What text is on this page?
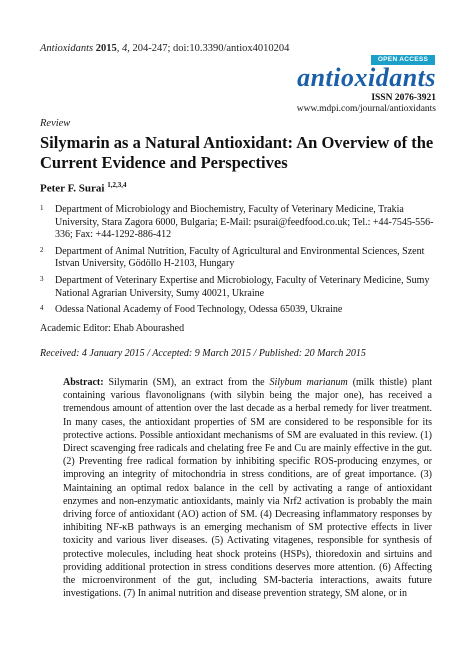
Antioxidants 2015, 4, 204-247; doi:10.3390/antiox4010204
OPEN ACCESS
antioxidants
ISSN 2076-3921
www.mdpi.com/journal/antioxidants
Review
Silymarin as a Natural Antioxidant: An Overview of the Current Evidence and Perspectives
Peter F. Surai $^{1,2,3,4}$
1 Department of Microbiology and Biochemistry, Faculty of Veterinary Medicine, Trakia University, Stara Zagora 6000, Bulgaria; E-Mail: psurai@feedfood.co.uk; Tel.: +44-7545-556-336; Fax: +44-1292-886-412
2 Department of Animal Nutrition, Faculty of Agricultural and Environmental Sciences, Szent Istvan University, Gödöllo H-2103, Hungary
3 Department of Veterinary Expertise and Microbiology, Faculty of Veterinary Medicine, Sumy National Agrarian University, Sumy 40021, Ukraine
4 Odessa National Academy of Food Technology, Odessa 65039, Ukraine
Academic Editor: Ehab Abourashed
Received: 4 January 2015 / Accepted: 9 March 2015 / Published: 20 March 2015
Abstract: Silymarin (SM), an extract from the Silybum marianum (milk thistle) plant containing various flavonolignans (with silybin being the major one), has received a tremendous amount of attention over the last decade as a herbal remedy for liver treatment. In many cases, the antioxidant properties of SM are considered to be responsible for its protective actions. Possible antioxidant mechanisms of SM are evaluated in this review. (1) Direct scavenging free radicals and chelating free Fe and Cu are mainly effective in the gut. (2) Preventing free radical formation by inhibiting specific ROS-producing enzymes, or improving an integrity of mitochondria in stress conditions, are of great importance. (3) Maintaining an optimal redox balance in the cell by activating a range of antioxidant enzymes and non-enzymatic antioxidants, mainly via Nrf2 activation is probably the main driving force of antioxidant (AO) action of SM. (4) Decreasing inflammatory responses by inhibiting NF-κB pathways is an emerging mechanism of SM protective effects in liver toxicity and various liver diseases. (5) Activating vitagenes, responsible for synthesis of protective molecules, including heat shock proteins (HSPs), thioredoxin and sirtuins and providing additional protection in stress conditions deserves more attention. (6) Affecting the microenvironment of the gut, including SM-bacteria interactions, awaits future investigations. (7) In animal nutrition and disease prevention strategy, SM alone, or in
